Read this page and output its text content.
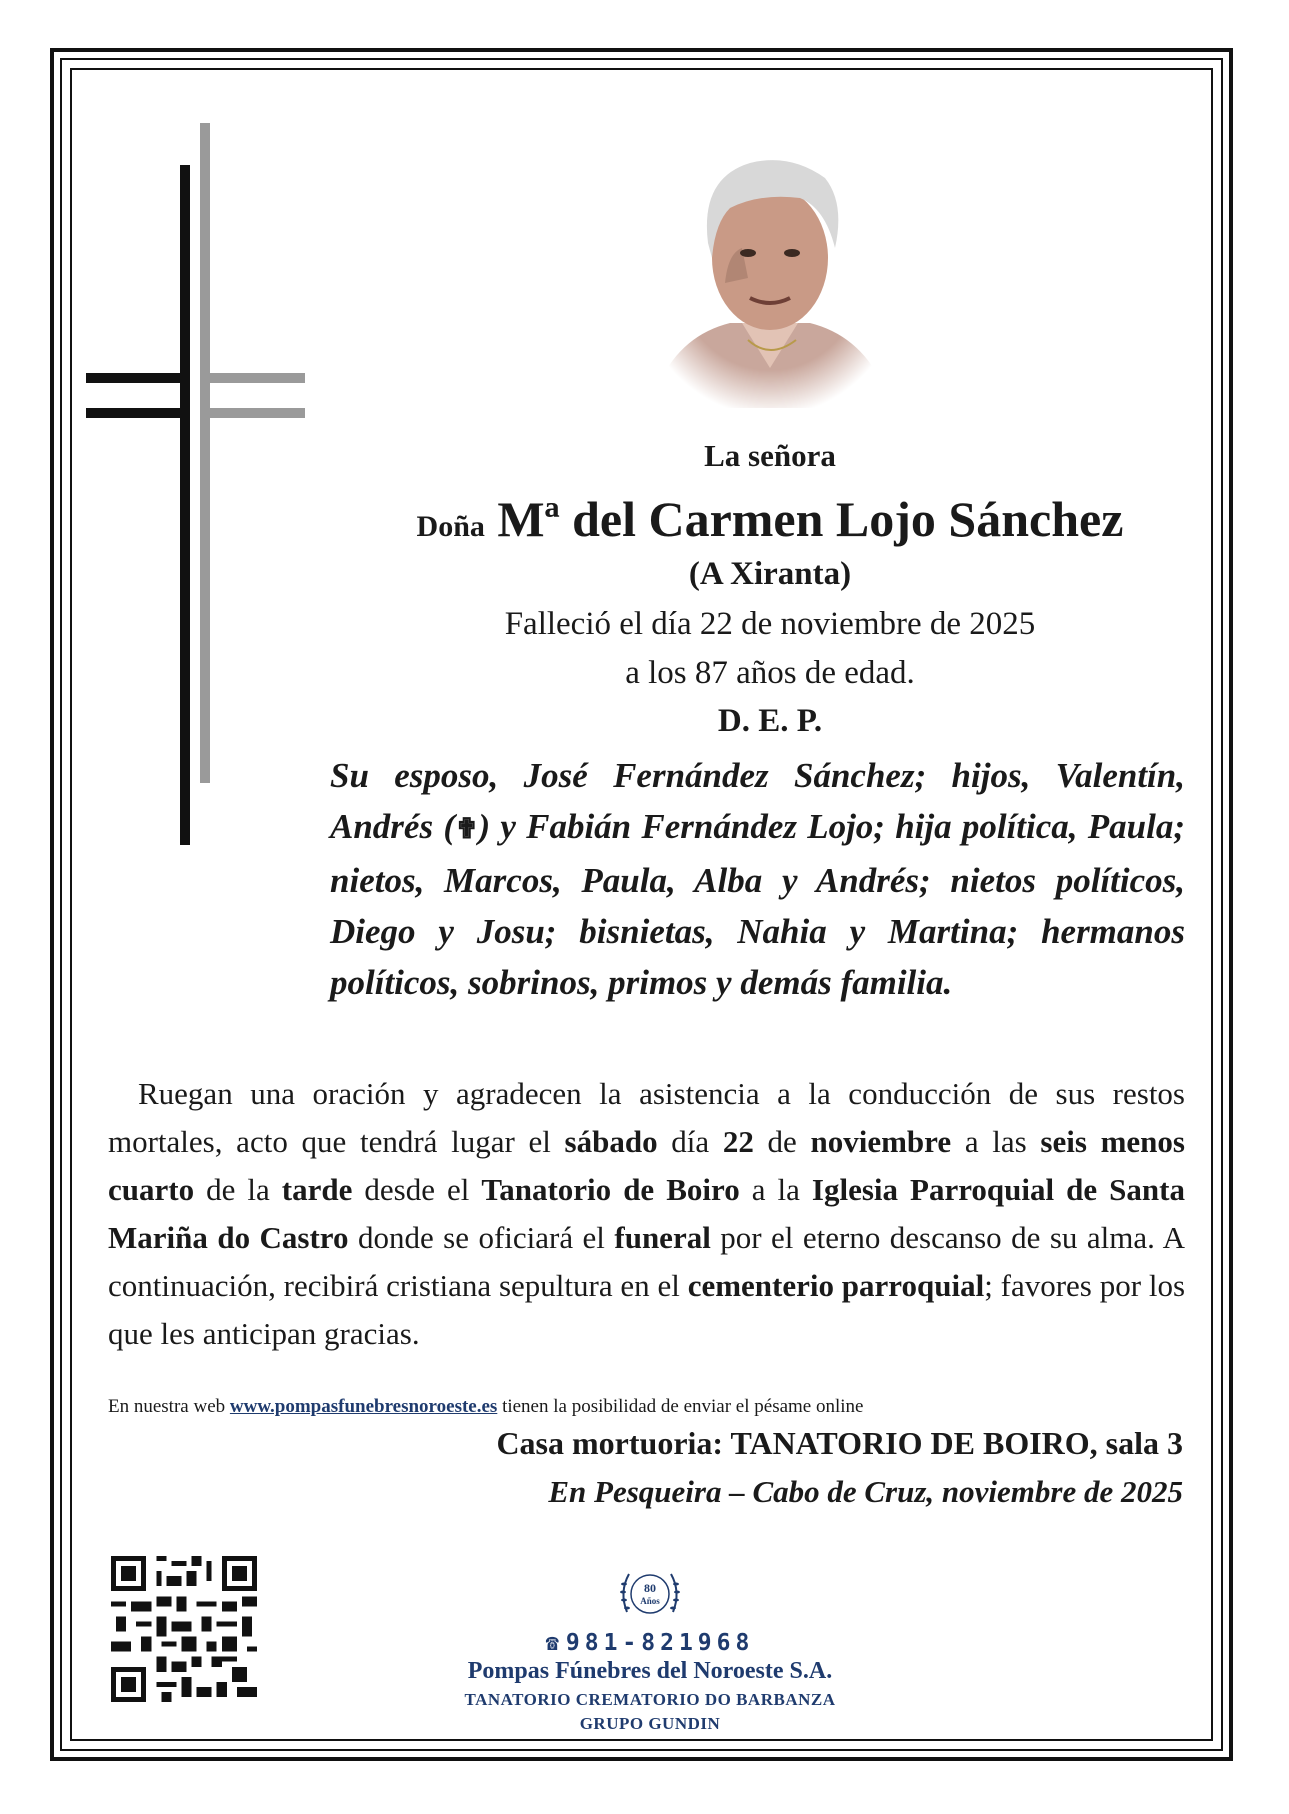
La señora
Doña Mª del Carmen Lojo Sánchez
(A Xiranta)
Falleció el día 22 de noviembre de 2025
a los 87 años de edad.
D. E. P.
Su esposo, José Fernández Sánchez; hijos, Valentín, Andrés (✟) y Fabián Fernández Lojo; hija política, Paula; nietos, Marcos, Paula, Alba y Andrés; nietos políticos, Diego y Josu; bisnietas, Nahia y Martina; hermanos políticos, sobrinos, primos y demás familia.
Ruegan una oración y agradecen la asistencia a la conducción de sus restos mortales, acto que tendrá lugar el sábado día 22 de noviembre a las seis menos cuarto de la tarde desde el Tanatorio de Boiro a la Iglesia Parroquial de Santa Mariña do Castro donde se oficiará el funeral por el eterno descanso de su alma. A continuación, recibirá cristiana sepultura en el cementerio parroquial; favores por los que les anticipan gracias.
En nuestra web www.pompasfunebresnoroeste.es tienen la posibilidad de enviar el pésame online
Casa mortuoria: TANATORIO DE BOIRO, sala 3
En Pesqueira – Cabo de Cruz, noviembre de 2025
80
Años
☎981-821968
Pompas Fúnebres del Noroeste S.A.
TANATORIO CREMATORIO DO BARBANZA
GRUPO GUNDIN
